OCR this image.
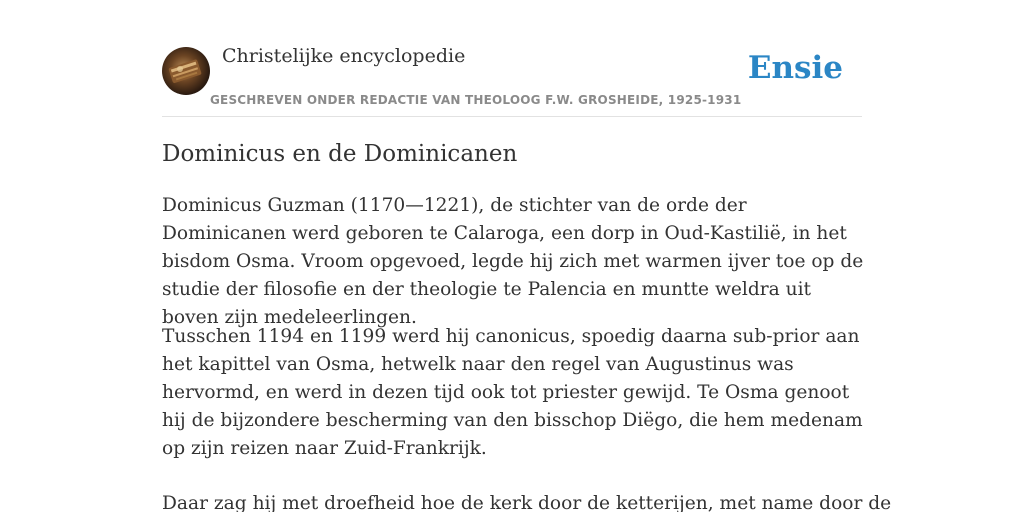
Christelijke encyclopedie
GESCHREVEN ONDER REDACTIE VAN THEOLOOG F.W. GROSHEIDE, 1925-1931
Ensie
Dominicus en de Dominicanen

Dominicus Guzman (1170—1221), de stichter van de orde der Dominicanen werd geboren te Calaroga, een dorp in Oud-Kastilië, in het bisdom Osma. Vroom opgevoed, legde hij zich met warmen ijver toe op de studie der filosofie en der theologie te Palencia en muntte weldra uit boven zijn medeleerlingen.

Tusschen 1194 en 1199 werd hij canonicus, spoedig daarna sub-prior aan het kapittel van Osma, hetwelk naar den regel van Augustinus was hervormd, en werd in dezen tijd ook tot priester gewijd. Te Osma genoot hij de bijzondere bescherming van den bisschop Diëgo, die hem medenam op zijn reizen naar Zuid-Frankrijk.

Daar zag hij met droefheid hoe de kerk door de ketterijen, met name door de
